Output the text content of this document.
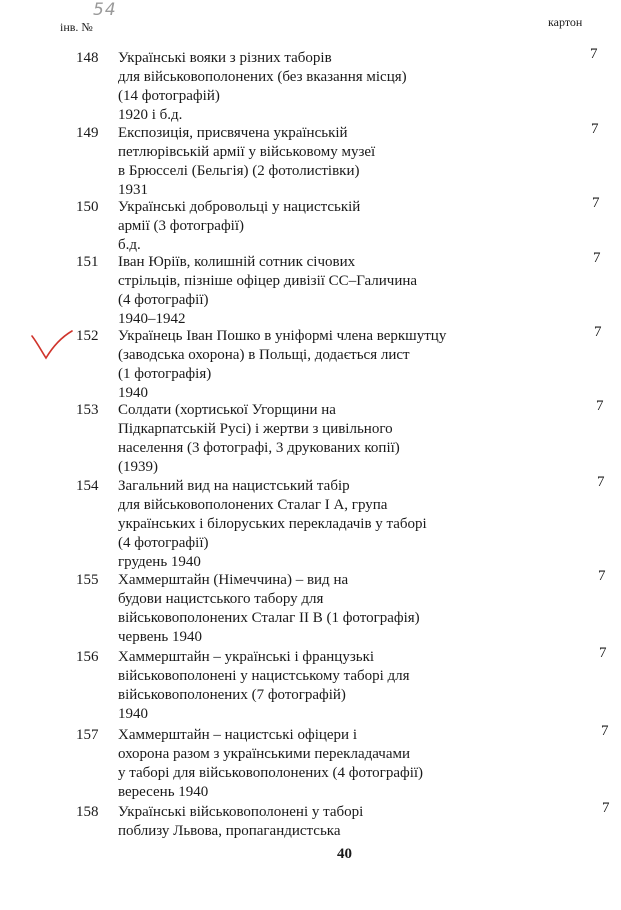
54
інв. №	картон
148	7
Українські вояки з різних таборів
для військовополонених (без вказання місця)
(14 фотографій)
1920 і б.д.
149	7
Експозиція, присвячена українській
петлюрівській армії у військовому музеї
в Брюсселі (Бельгія) (2 фотолистівки)
1931
150	7
Українські добровольці у нацистській
армії (3 фотографії)
б.д.
151	7
Іван Юріїв, колишній сотник січових
стрільців, пізніше офіцер дивізії СС–Галичина
(4 фотографії)
1940–1942
152	7
Українець Іван Пошко в уніформі члена веркшутцу
(заводська охорона) в Польщі, додається лист
(1 фотографія)
1940
153	7
Солдати (хортиської Угорщини на
Підкарпатській Русі) і жертви з цивільного
населення (3 фотографі, 3 друкованих копії)
(1939)
154	7
Загальний вид на нацистський табір
для військовополонених Сталаг І А, група
українських і білоруських перекладачів у таборі
(4 фотографії)
грудень 1940
155	7
Хаммерштайн (Німеччина) – вид на
будови нацистського табору для
військовополонених Сталаг ІІ В (1 фотографія)
червень 1940
156	7
Хаммерштайн – українські і французькі
військовополонені у нацистському таборі для
військовополонених (7 фотографій)
1940
157	7
Хаммерштайн – нацистські офіцери і
охорона разом з українськими перекладачами
у таборі для військовополонених (4 фотографії)
вересень 1940
158	7
Українські військовополонені у таборі
поблизу Львова, пропагандистська
40
